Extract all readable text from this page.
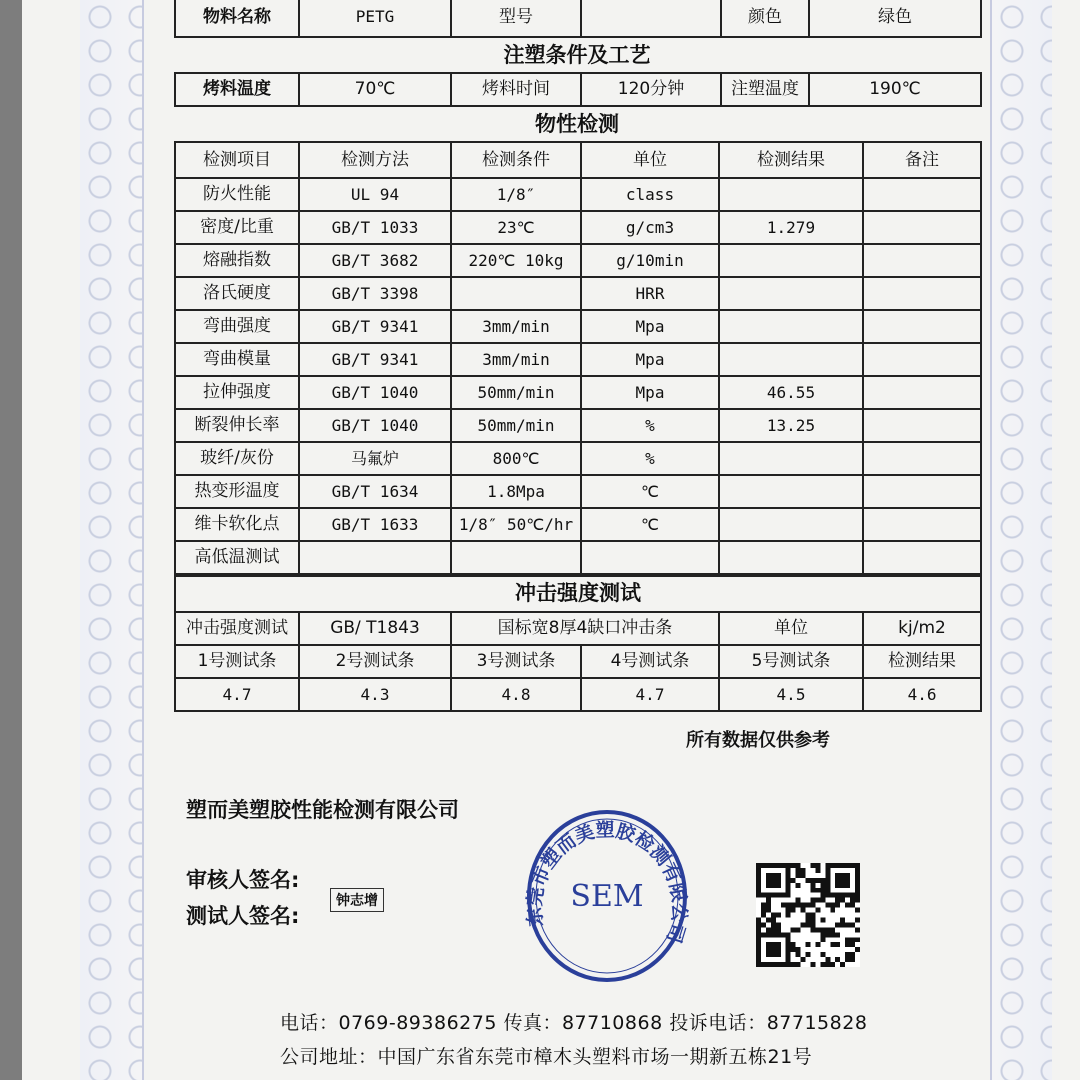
物料名称	PETG	型号		颜色	绿色
注塑条件及工艺
烤料温度	70℃	烤料时间	120分钟	注塑温度	190℃
物性检测
检测项目	检测方法	检测条件	单位	检测结果	备注
防火性能	UL 94	1/8″	class		
密度/比重	GB/T 1033	23℃	g/cm3	1.279	
熔融指数	GB/T 3682	220℃ 10kg	g/10min		
洛氏硬度	GB/T 3398		HRR		
弯曲强度	GB/T 9341	3mm/min	Mpa		
弯曲模量	GB/T 9341	3mm/min	Mpa		
拉伸强度	GB/T 1040	50mm/min	Mpa	46.55	
断裂伸长率	GB/T 1040	50mm/min	%	13.25	
玻纤/灰份	马氟炉	800℃	%		
热变形温度	GB/T 1634	1.8Mpa	℃		
维卡软化点	GB/T 1633	1/8″ 50℃/hr	℃		
高低温测试					
冲击强度测试					
冲击强度测试	GB/ T1843	国标宽8厚4缺口冲击条		单位	kj/m2
1号测试条	2号测试条	3号测试条	4号测试条	5号测试条	检测结果
4.7	4.3	4.8	4.7	4.5	4.6
所有数据仅供参考
塑而美塑胶性能检测有限公司
审核人签名:
测试人签名:
钟志增
东莞市塑而美塑胶检测有限公司
SEM
电话：0769-89386275 传真：87710868 投诉电话：87715828
公司地址：中国广东省东莞市樟木头塑料市场一期新五栋21号
